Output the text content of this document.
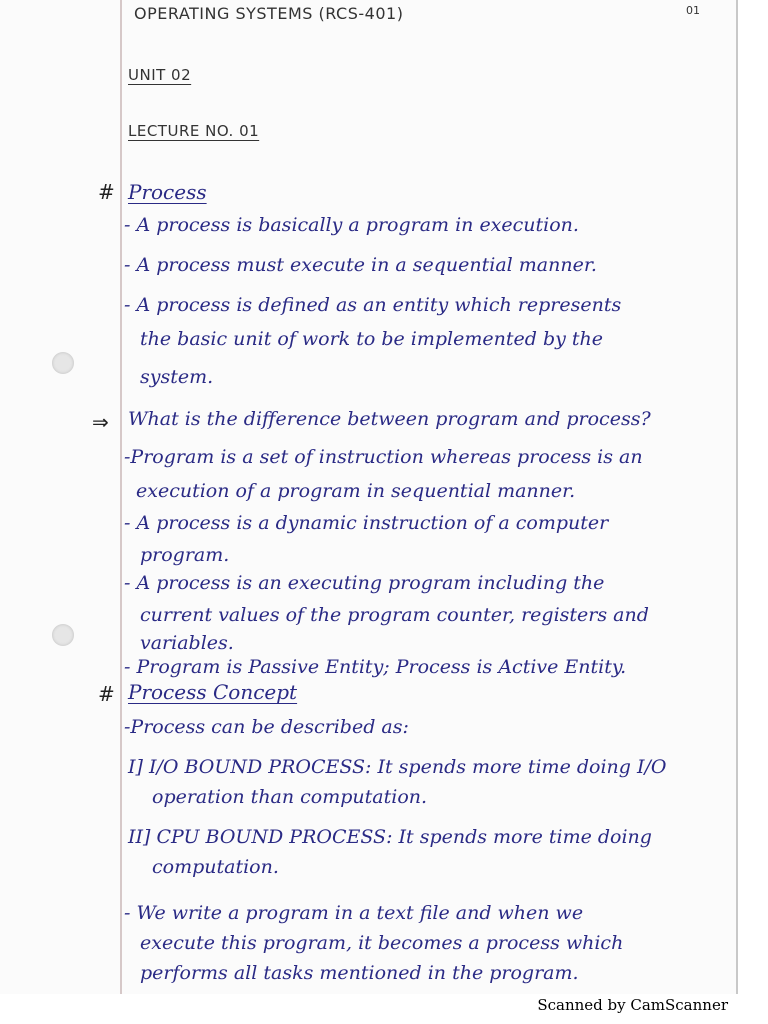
OPERATING SYSTEMS (RCS-401)	01
UNIT 02
LECTURE NO. 01
# Process
- A process is basically a program in execution.
- A process must execute in a sequential manner.
- A process is defined as an entity which represents
the basic unit of work to be implemented by the
system.
⇒ What is the difference between program and process?
-Program is a set of instruction whereas process is an
execution of a program in sequential manner.
- A process is a dynamic instruction of a computer
program.
- A process is an executing program including the
current values of the program counter, registers and
variables.
- Program is Passive Entity; Process is Active Entity.
# Process Concept
-Process can be described as:
I] I/O BOUND PROCESS: It spends more time doing I/O
operation than computation.
II] CPU BOUND PROCESS: It spends more time doing
computation.
- We write a program in a text file and when we
execute this program, it becomes a process which
performs all tasks mentioned in the program.
Scanned by CamScanner
